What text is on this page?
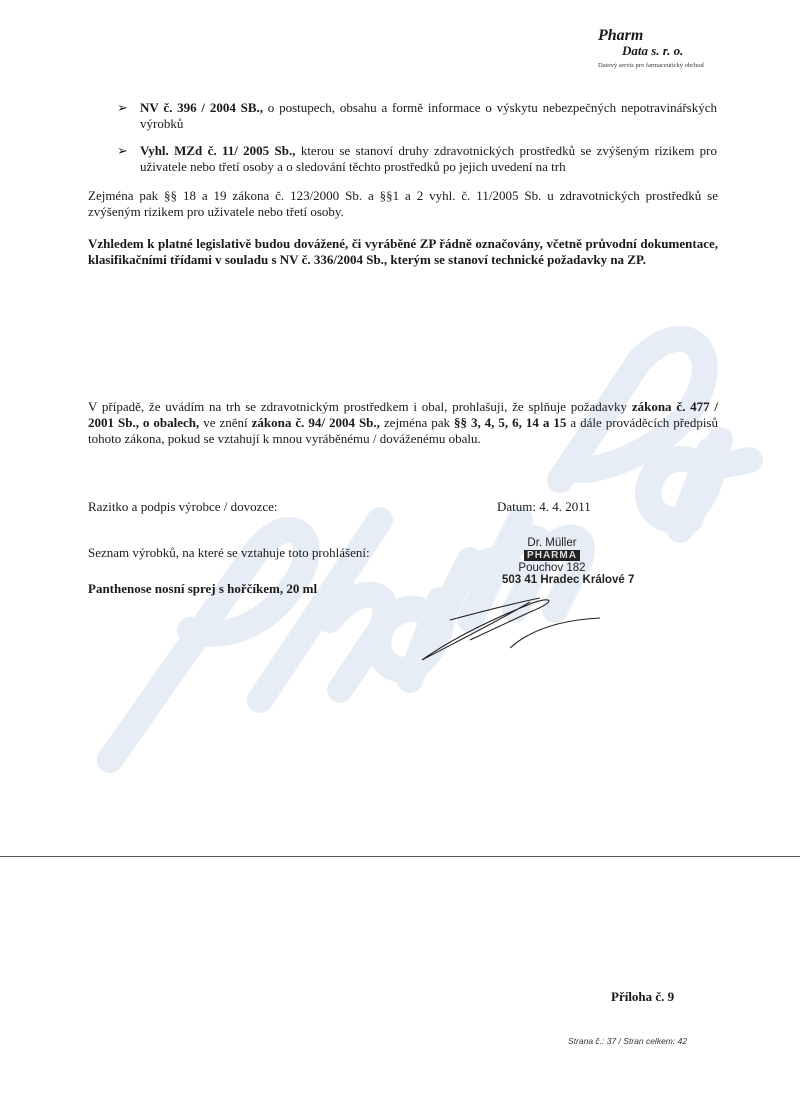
Pharm
Data s. r. o.
Datový servis pro farmaceutický obchod
➢ NV č. 396 / 2004 SB., o postupech, obsahu a formě informace o výskytu nebezpečných nepotravinářských výrobků
➢ Vyhl. MZd č. 11/ 2005 Sb., kterou se stanoví druhy zdravotnických prostředků se zvýšeným rizikem pro uživatele nebo třetí osoby a o sledování těchto prostředků po jejich uvedení na trh
Zejména pak §§ 18 a 19 zákona č. 123/2000 Sb. a §§1 a 2 vyhl. č. 11/2005 Sb. u zdravotnických prostředků se zvýšeným rizikem pro uživatele nebo třetí osoby.
Vzhledem k platné legislativě budou dovážené, či vyráběné ZP řádně označovány, včetně průvodní dokumentace, klasifikačními třídami v souladu s NV č. 336/2004 Sb., kterým se stanoví technické požadavky na ZP.
V případě, že uvádím na trh se zdravotnickým prostředkem i obal, prohlašuji, že splňuje požadavky zákona č. 477 / 2001 Sb., o obalech, ve znění zákona č. 94/ 2004 Sb., zejména pak §§ 3, 4, 5, 6, 14 a 15 a dále prováděcích předpisů tohoto zákona, pokud se vztahují k mnou vyráběnému / dováženému obalu.
Razitko a podpis výrobce / dovozce:	Datum: 4. 4. 2011
Seznam výrobků, na které se vztahuje toto prohlášení:
Panthenose nosní sprej s hořčíkem, 20 ml
Dr. Müller
PHARMA
Pouchov 182
503 41 Hradec Králové 7
Příloha č. 9
Strana č.: 37 / Stran celkem: 42
